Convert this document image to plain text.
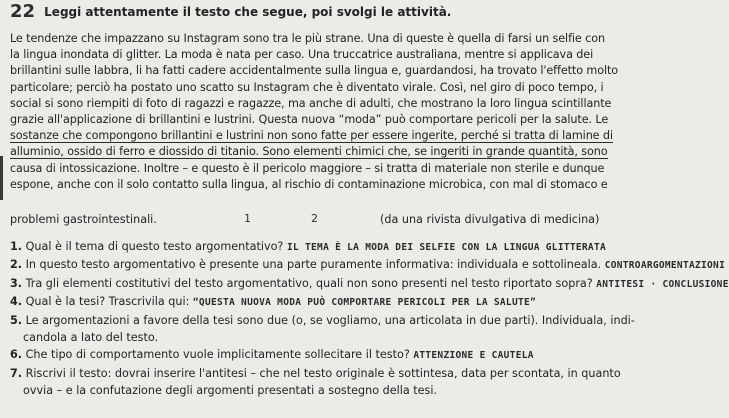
22 Leggi attentamente il testo che segue, poi svolgi le attività.
Le tendenze che impazzano su Instagram sono tra le più strane. Una di queste è quella di farsi un selfie con
la lingua inondata di glitter. La moda è nata per caso. Una truccatrice australiana, mentre si applicava dei
brillantini sulle labbra, li ha fatti cadere accidentalmente sulla lingua e, guardandosi, ha trovato l'effetto molto
particolare; perciò ha postato uno scatto su Instagram che è diventato virale. Così, nel giro di poco tempo, i
social si sono riempiti di foto di ragazzi e ragazze, ma anche di adulti, che mostrano la loro lingua scintillante
grazie all'applicazione di brillantini e lustrini. Questa nuova “moda” può comportare pericoli per la salute. Le
sostanze che compongono brillantini e lustrini non sono fatte per essere ingerite, perché si tratta di lamine di
alluminio, ossido di ferro e diossido di titanio. Sono elementi chimici che, se ingeriti in grande quantità, sono
causa di intossicazione. Inoltre – e questo è il pericolo maggiore – si tratta di materiale non sterile e dunque
espone, anche con il solo contatto sulla lingua, al rischio di contaminazione microbica, con mal di stomaco e
problemi gastrointestinali.	1	2	(da una rivista divulgativa di medicina)
1. Qual è il tema di questo testo argomentativo? IL TEMA È LA MODA DEI SELFIE CON LA LINGUA GLITTERATA
2. In questo testo argomentativo è presente una parte puramente informativa: individuala e sottolineala. CONTROARGOMENTAZIONI
3. Tra gli elementi costitutivi del testo argomentativo, quali non sono presenti nel testo riportato sopra? ANTITESI · CONCLUSIONE
4. Qual è la tesi? Trascrivila qui: “QUESTA NUOVA MODA PUÒ COMPORTARE PERICOLI PER LA SALUTE”
5. Le argomentazioni a favore della tesi sono due (o, se vogliamo, una articolata in due parti). Individuala, indi-
candola a lato del testo.
6. Che tipo di comportamento vuole implicitamente sollecitare il testo? ATTENZIONE E CAUTELA
7. Riscrivi il testo: dovrai inserire l'antitesi – che nel testo originale è sottintesa, data per scontata, in quanto
ovvia – e la confutazione degli argomenti presentati a sostegno della tesi.
